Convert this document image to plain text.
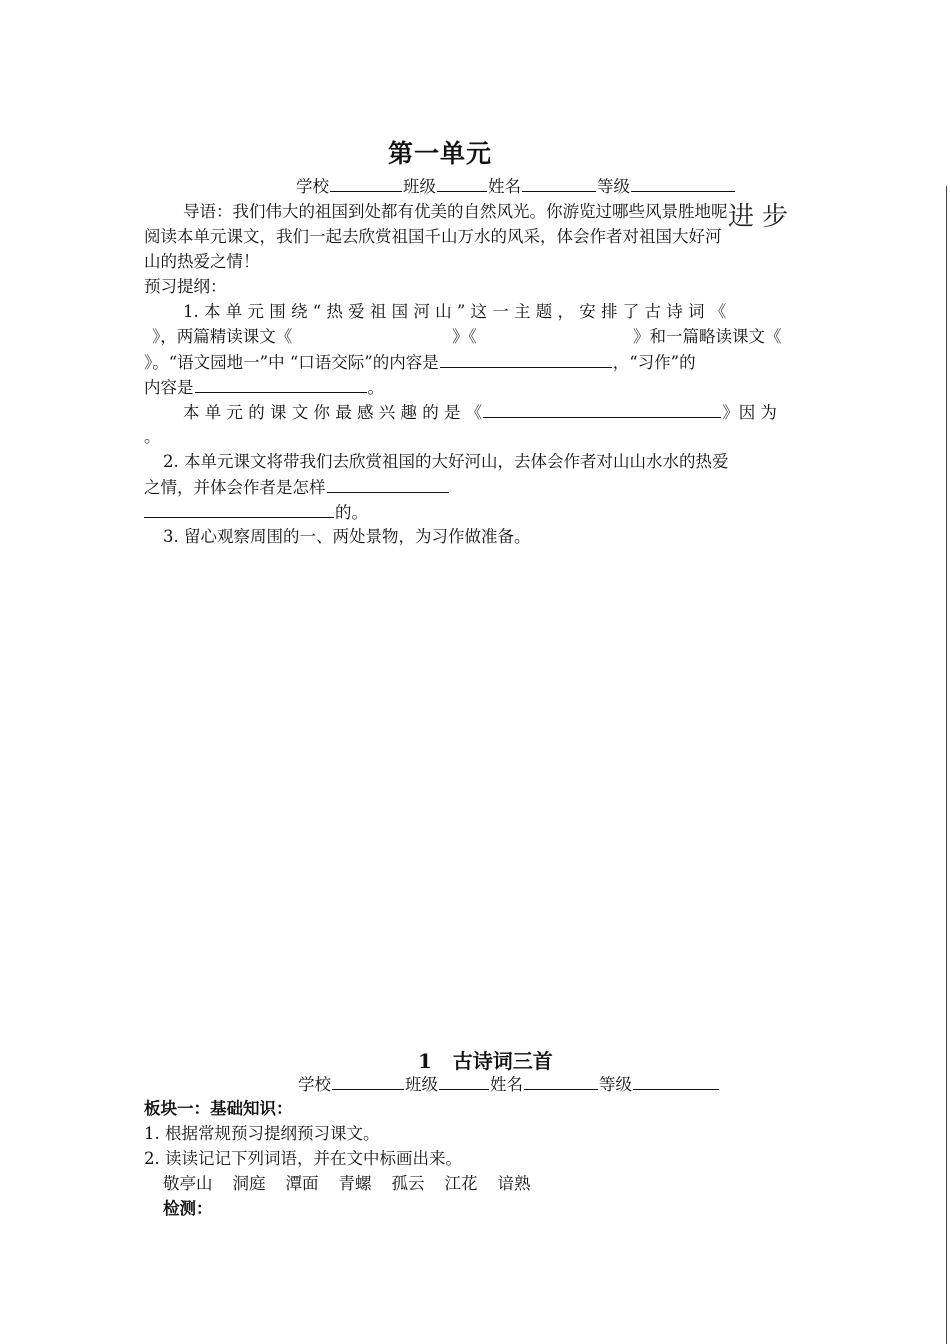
第一单元
学校	班级	姓名	等级
进步
导语：我们伟大的祖国到处都有优美的自然风光。你游览过哪些风景胜地呢
阅读本单元课文，我们一起去欣赏祖国千山万水的风采，体会作者对祖国大好河
山的热爱之情！
预习提纲：
1. 本 单 元 围 绕 “ 热 爱 祖 国 河 山 ” 这 一 主 题 ， 安 排 了 古 诗 词 《
》，两篇精读课文《	》《	》和一篇略读课文《
》。“语文园地一”中 “口语交际”的内容是	，“习作”的
内容是	。
本 单 元 的 课 文 你 最 感 兴 趣 的 是 《	》因 为
。
2. 本单元课文将带我们去欣赏祖国的大好河山，去体会作者对山山水水的热爱
之情，并体会作者是怎样
的。
3. 留心观察周围的一、两处景物，为习作做准备。
1   古诗词三首
学校	班级	姓名	等级
板块一：基础知识：
1. 根据常规预习提纲预习课文。
2. 读读记记下列词语，并在文中标画出来。
敬亭山 洞庭 潭面 青螺 孤云 江花 谙熟
检测：
